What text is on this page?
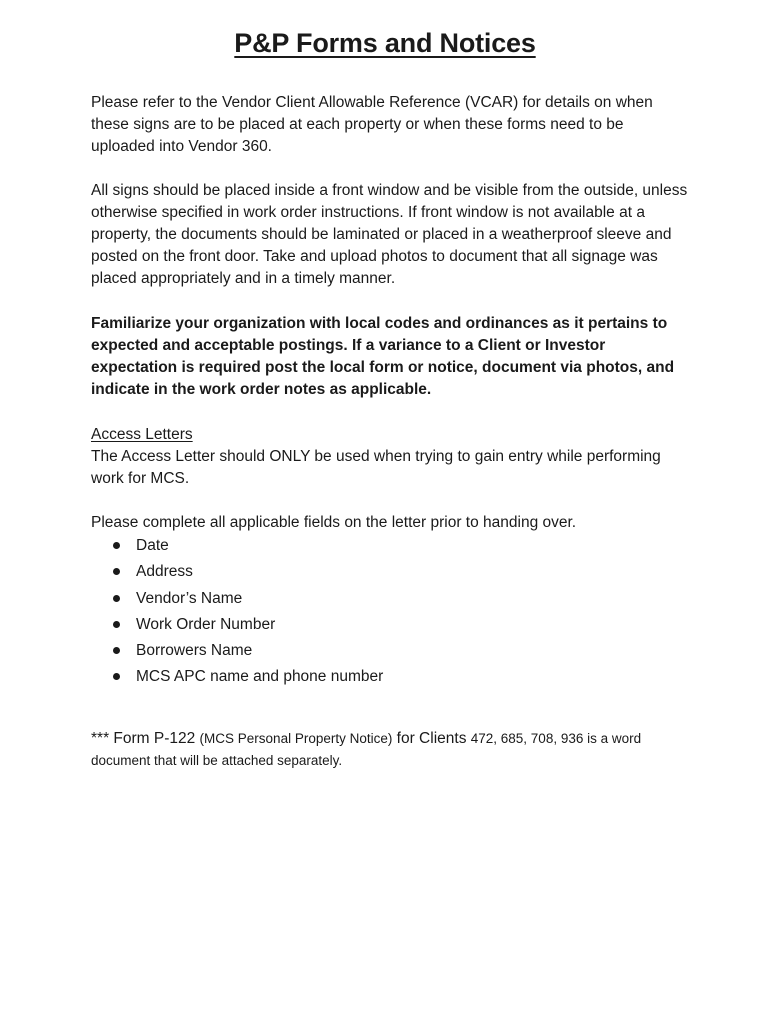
P&P Forms and Notices

Please refer to the Vendor Client Allowable Reference (VCAR) for details on when these signs are to be placed at each property or when these forms need to be uploaded into Vendor 360.

All signs should be placed inside a front window and be visible from the outside, unless otherwise specified in work order instructions. If front window is not available at a property, the documents should be laminated or placed in a weatherproof sleeve and posted on the front door. Take and upload photos to document that all signage was placed appropriately and in a timely manner.

Familiarize your organization with local codes and ordinances as it pertains to expected and acceptable postings. If a variance to a Client or Investor expectation is required post the local form or notice, document via photos, and indicate in the work order notes as applicable.

Access Letters
The Access Letter should ONLY be used when trying to gain entry while performing work for MCS.

Please complete all applicable fields on the letter prior to handing over.

Date
Address
Vendor’s Name
Work Order Number
Borrowers Name
MCS APC name and phone number

*** Form P-122 (MCS Personal Property Notice) for Clients 472, 685, 708, 936 is a word document that will be attached separately.
